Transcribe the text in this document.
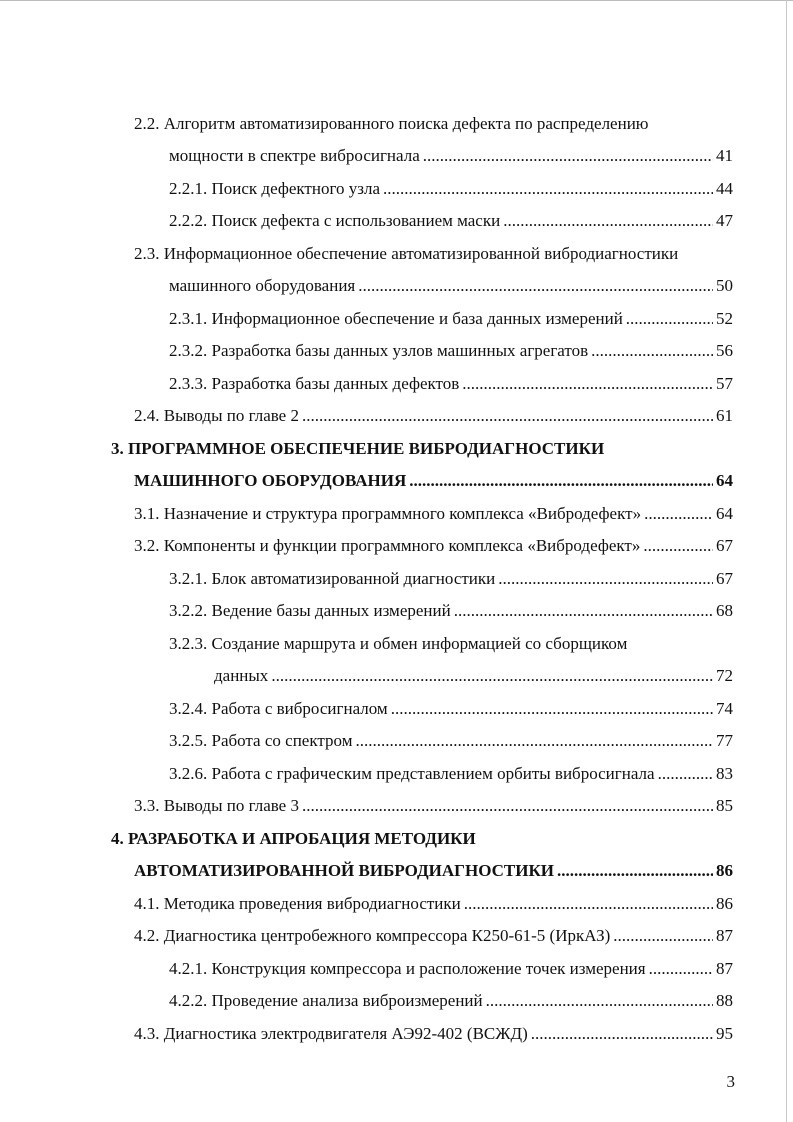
2.2. Алгоритм автоматизированного поиска дефекта по распределению
мощности в спектре вибросигнала .....	41
2.2.1. Поиск дефектного узла .....	44
2.2.2. Поиск дефекта с использованием маски .....	47
2.3. Информационное обеспечение автоматизированной вибродиагностики
машинного оборудования .....	50
2.3.1. Информационное обеспечение и база данных измерений .....	52
2.3.2. Разработка базы данных узлов машинных агрегатов .....	56
2.3.3. Разработка базы данных дефектов .....	57
2.4. Выводы по главе 2 .....	61
3. ПРОГРАММНОЕ ОБЕСПЕЧЕНИЕ ВИБРОДИАГНОСТИКИ
МАШИННОГО ОБОРУДОВАНИЯ .....	64
3.1. Назначение и структура программного комплекса «Вибродефект» .....	64
3.2. Компоненты и функции программного комплекса «Вибродефект» .....	67
3.2.1. Блок автоматизированной диагностики .....	67
3.2.2. Ведение базы данных измерений .....	68
3.2.3. Создание маршрута и обмен информацией со сборщиком
данных .....	72
3.2.4. Работа с вибросигналом .....	74
3.2.5. Работа со спектром .....	77
3.2.6. Работа с графическим представлением орбиты вибросигнала .....	83
3.3. Выводы по главе 3 .....	85
4. РАЗРАБОТКА И АПРОБАЦИЯ МЕТОДИКИ
АВТОМАТИЗИРОВАННОЙ ВИБРОДИАГНОСТИКИ .....	86
4.1. Методика проведения вибродиагностики .....	86
4.2. Диагностика центробежного компрессора К250-61-5 (ИркАЗ) .....	87
4.2.1. Конструкция компрессора и расположение точек измерения .....	87
4.2.2. Проведение анализа виброизмерений .....	88
4.3. Диагностика электродвигателя АЭ92-402 (ВСЖД) .....	95
3
